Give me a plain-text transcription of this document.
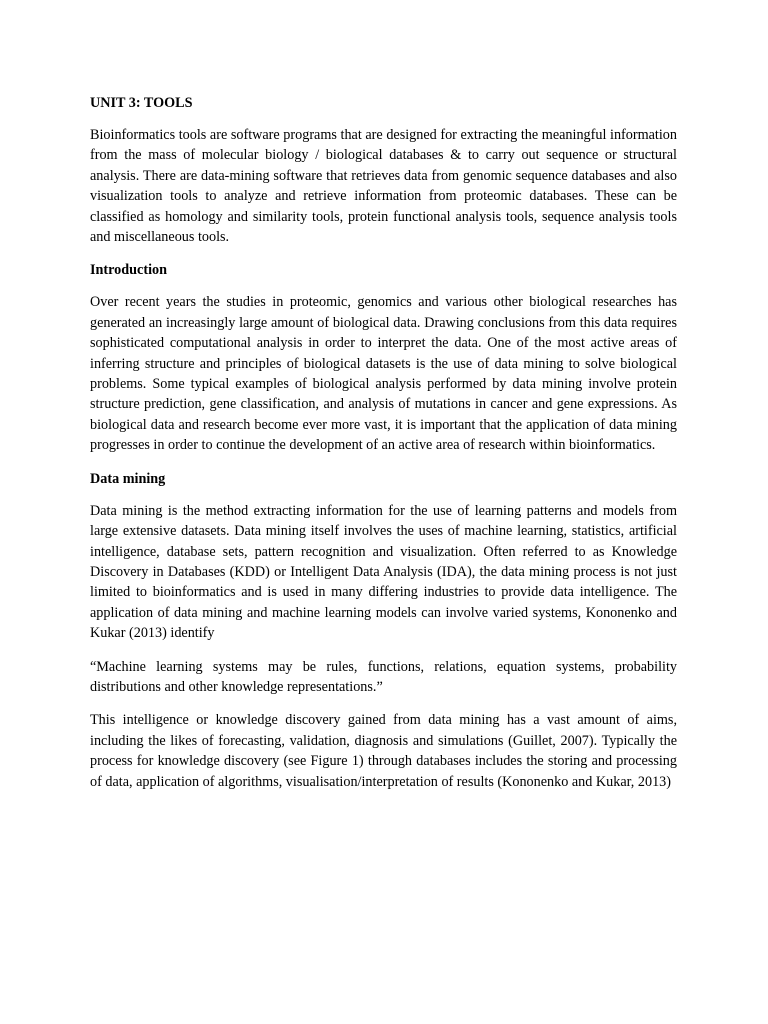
UNIT 3: TOOLS

Bioinformatics tools are software programs that are designed for extracting the meaningful information from the mass of molecular biology / biological databases & to carry out sequence or structural analysis. There are data-mining software that retrieves data from genomic sequence databases and also visualization tools to analyze and retrieve information from proteomic databases. These can be classified as homology and similarity tools, protein functional analysis tools, sequence analysis tools and miscellaneous tools.

Introduction

Over recent years the studies in proteomic, genomics and various other biological researches has generated an increasingly large amount of biological data. Drawing conclusions from this data requires sophisticated computational analysis in order to interpret the data. One of the most active areas of inferring structure and principles of biological datasets is the use of data mining to solve biological problems. Some typical examples of biological analysis performed by data mining involve protein structure prediction, gene classification, and analysis of mutations in cancer and gene expressions. As biological data and research become ever more vast, it is important that the application of data mining progresses in order to continue the development of an active area of research within bioinformatics.

Data mining

Data mining is the method extracting information for the use of learning patterns and models from large extensive datasets. Data mining itself involves the uses of machine learning, statistics, artificial intelligence, database sets, pattern recognition and visualization. Often referred to as Knowledge Discovery in Databases (KDD) or Intelligent Data Analysis (IDA), the data mining process is not just limited to bioinformatics and is used in many differing industries to provide data intelligence. The application of data mining and machine learning models can involve varied systems, Kononenko and Kukar (2013) identify

“Machine learning systems may be rules, functions, relations, equation systems, probability distributions and other knowledge representations.”

This intelligence or knowledge discovery gained from data mining has a vast amount of aims, including the likes of forecasting, validation, diagnosis and simulations (Guillet, 2007). Typically the process for knowledge discovery (see Figure 1) through databases includes the storing and processing of data, application of algorithms, visualisation/interpretation of results (Kononenko and Kukar, 2013)
